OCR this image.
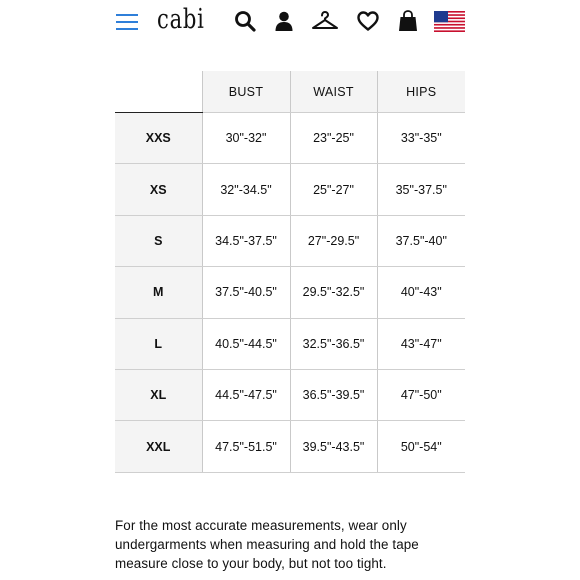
cabi
	BUST	WAIST	HIPS
XXS	30"-32"	23"-25"	33"-35"
XS	32"-34.5"	25"-27"	35"-37.5"
S	34.5"-37.5"	27"-29.5"	37.5"-40"
M	37.5"-40.5"	29.5"-32.5"	40"-43"
L	40.5"-44.5"	32.5"-36.5"	43"-47"
XL	44.5"-47.5"	36.5"-39.5"	47"-50"
XXL	47.5"-51.5"	39.5"-43.5"	50"-54"
For the most accurate measurements, wear only undergarments when measuring and hold the tape measure close to your body, but not too tight.
